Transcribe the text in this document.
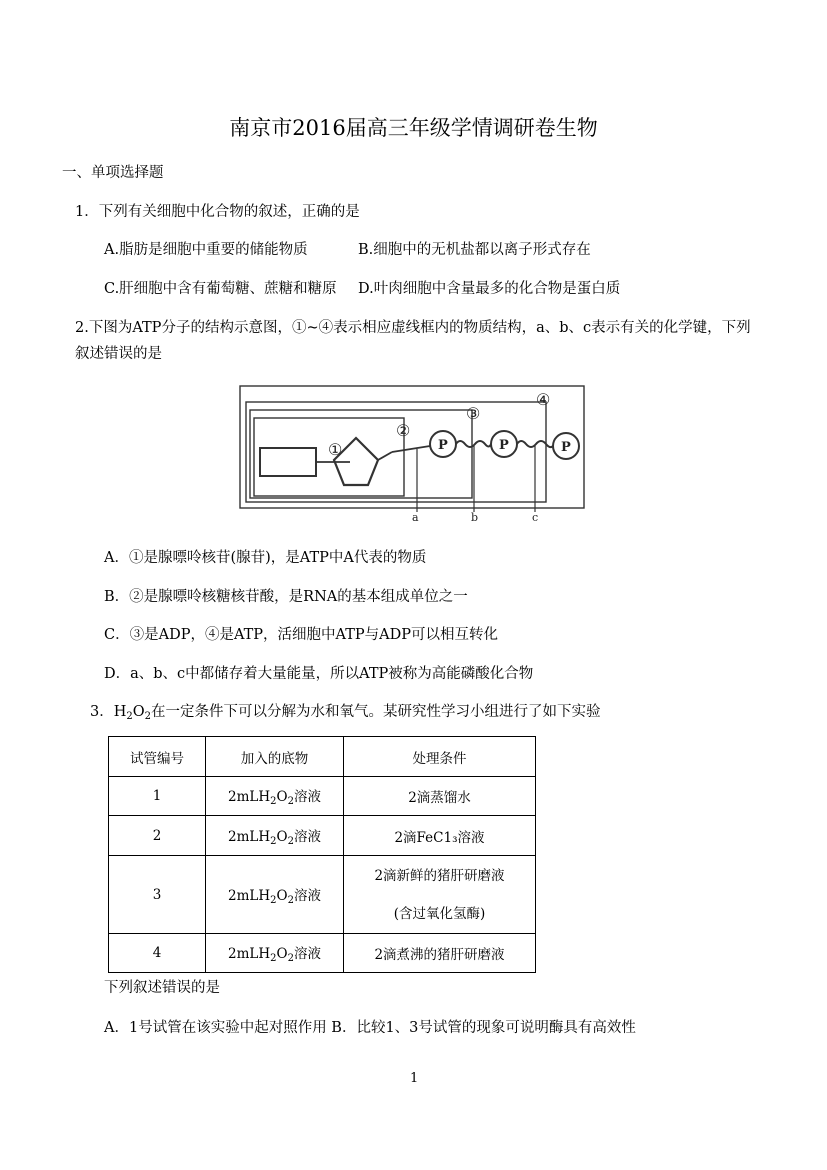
南京市2016届高三年级学情调研卷生物
一、单项选择题
1．下列有关细胞中化合物的叙述，正确的是
A.脂肪是细胞中重要的储能物质	B.细胞中的无机盐都以离子形式存在
C.肝细胞中含有葡萄糖、蔗糖和糖原 D.叶肉细胞中含量最多的化合物是蛋白质
2.下图为ATP分子的结构示意图，①~④表示相应虚线框内的物质结构，a、b、c表示有关的化学键，下列
叙述错误的是
①
②
③
④
P	P	P
a	b	c
A．①是腺嘌呤核苷(腺苷)，是ATP中A代表的物质
B．②是腺嘌呤核糖核苷酸，是RNA的基本组成单位之一
C．③是ADP，④是ATP，活细胞中ATP与ADP可以相互转化
D．a、b、c中都储存着大量能量，所以ATP被称为高能磷酸化合物
3．$H_2O_2$在一定条件下可以分解为水和氧气。某研究性学习小组进行了如下实验
试管编号	加入的底物	处理条件
1	$2mLH_2O_2$溶液	2滴蒸馏水
2	$2mLH_2O_2$溶液	2滴FeC1₃溶液
3	$2mLH_2O_2$溶液	2滴新鲜的猪肝研磨液
(含过氧化氢酶)

4	$2mLH_2O_2$溶液	2滴煮沸的猪肝研磨液
下列叙述错误的是
A．1号试管在该实验中起对照作用 B．比较1、3号试管的现象可说明酶具有高效性
1
